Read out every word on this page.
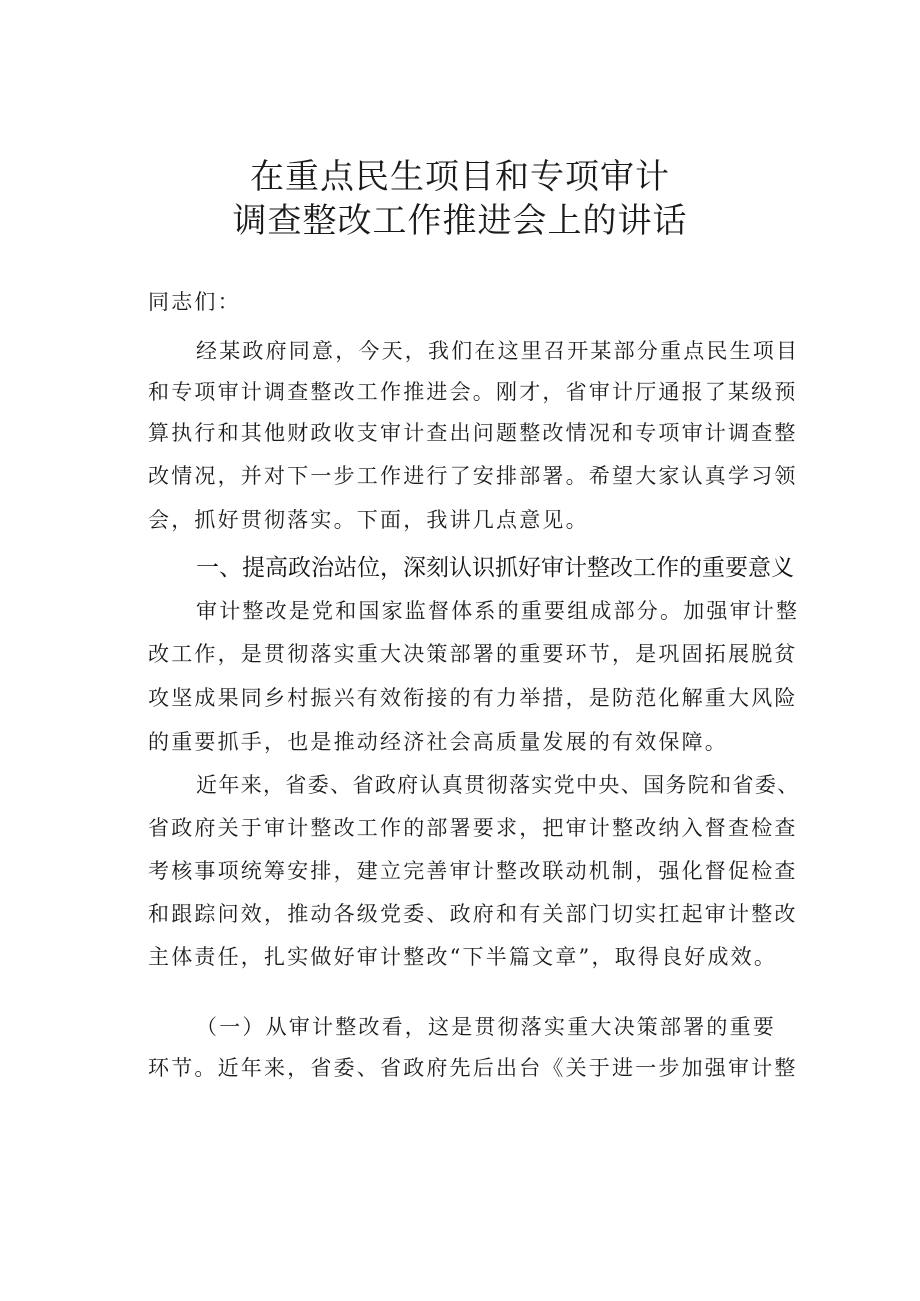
在重点民生项目和专项审计
调查整改工作推进会上的讲话
同志们：
经某政府同意，今天，我们在这里召开某部分重点民生项目
和专项审计调查整改工作推进会。刚才，省审计厅通报了某级预
算执行和其他财政收支审计查出问题整改情况和专项审计调查整
改情况，并对下一步工作进行了安排部署。希望大家认真学习领
会，抓好贯彻落实。下面，我讲几点意见。
一、提高政治站位，深刻认识抓好审计整改工作的重要意义
审计整改是党和国家监督体系的重要组成部分。加强审计整
改工作，是贯彻落实重大决策部署的重要环节，是巩固拓展脱贫
攻坚成果同乡村振兴有效衔接的有力举措，是防范化解重大风险
的重要抓手，也是推动经济社会高质量发展的有效保障。
近年来，省委、省政府认真贯彻落实党中央、国务院和省委、
省政府关于审计整改工作的部署要求，把审计整改纳入督查检查
考核事项统筹安排，建立完善审计整改联动机制，强化督促检查
和跟踪问效，推动各级党委、政府和有关部门切实扛起审计整改
主体责任，扎实做好审计整改“下半篇文章”，取得良好成效。
（一）从审计整改看，这是贯彻落实重大决策部署的重要
环节。近年来，省委、省政府先后出台《关于进一步加强审计整
